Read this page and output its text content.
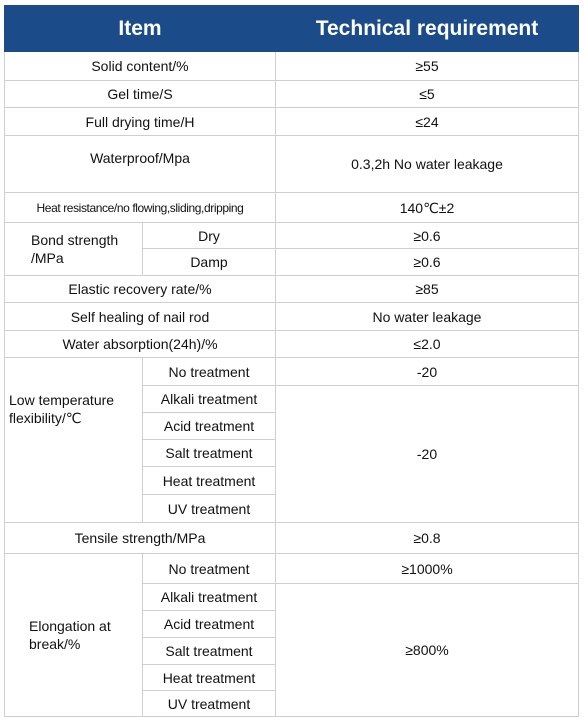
Item		Technical requirement
Solid content/%		≥55
Gel time/S		≤5
Full drying time/H		≤24
Waterproof/Mpa		0.3,2h No water leakage
Heat resistance/no flowing,sliding,dripping		140℃±2
Bond strength /MPa	Dry	≥0.6
	Damp	≥0.6
Elastic recovery rate/%		≥85
Self healing of nail rod		No water leakage
Water absorption(24h)/%		≤2.0
Low temperature flexibility/℃	No treatment	-20
	Alkali treatment	-20
	Acid treatment	
	Salt treatment	
	Heat treatment	
	UV treatment	
Tensile strength/MPa		≥0.8
Elongation at break/%	No treatment	≥1000%
	Alkali treatment	≥800%
	Acid treatment	
	Salt treatment	
	Heat treatment	
	UV treatment	
